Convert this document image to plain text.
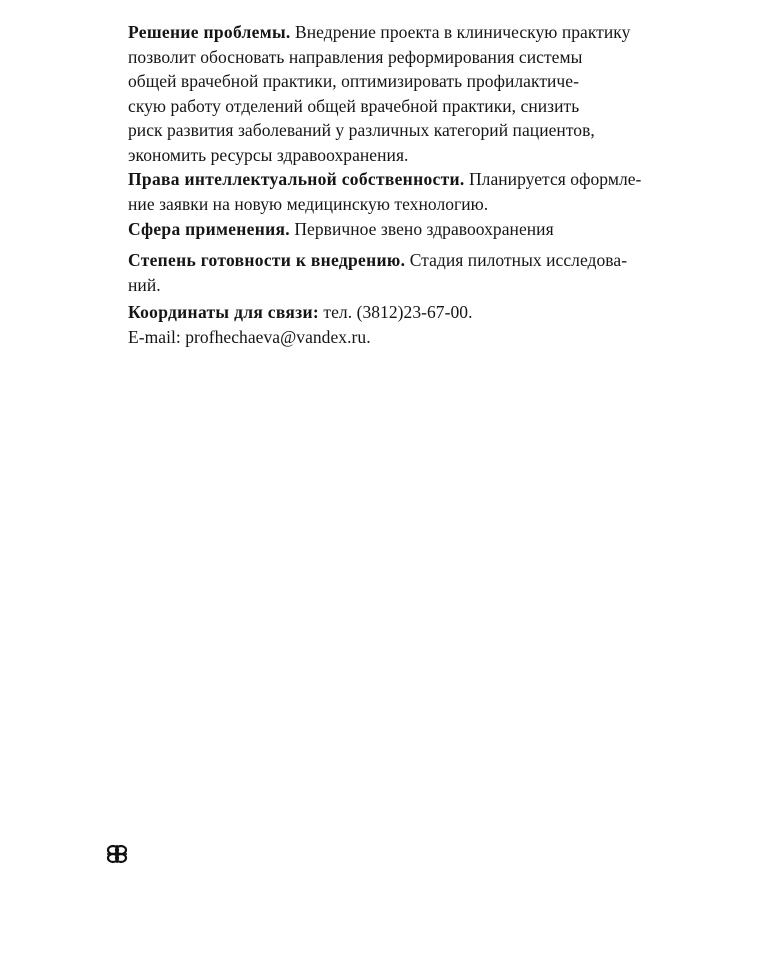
Решение проблемы. Внедрение проекта в клиническую практику
позволит обосновать направления реформирования системы
общей врачебной практики, оптимизировать профилактиче-
скую работу отделений общей врачебной практики, снизить
риск развития заболеваний у различных категорий пациентов,
экономить ресурсы здравоохранения.
Права интеллектуальной собственности. Планируется оформле-
ние заявки на новую медицинскую технологию.
Сфера применения. Первичное звено здравоохранения
Степень готовности к внедрению. Стадия пилотных исследова-
ний.
Координаты для связи: тел. (3812)23-67-00.
E-mail: profhechaeva@vandex.ru.
